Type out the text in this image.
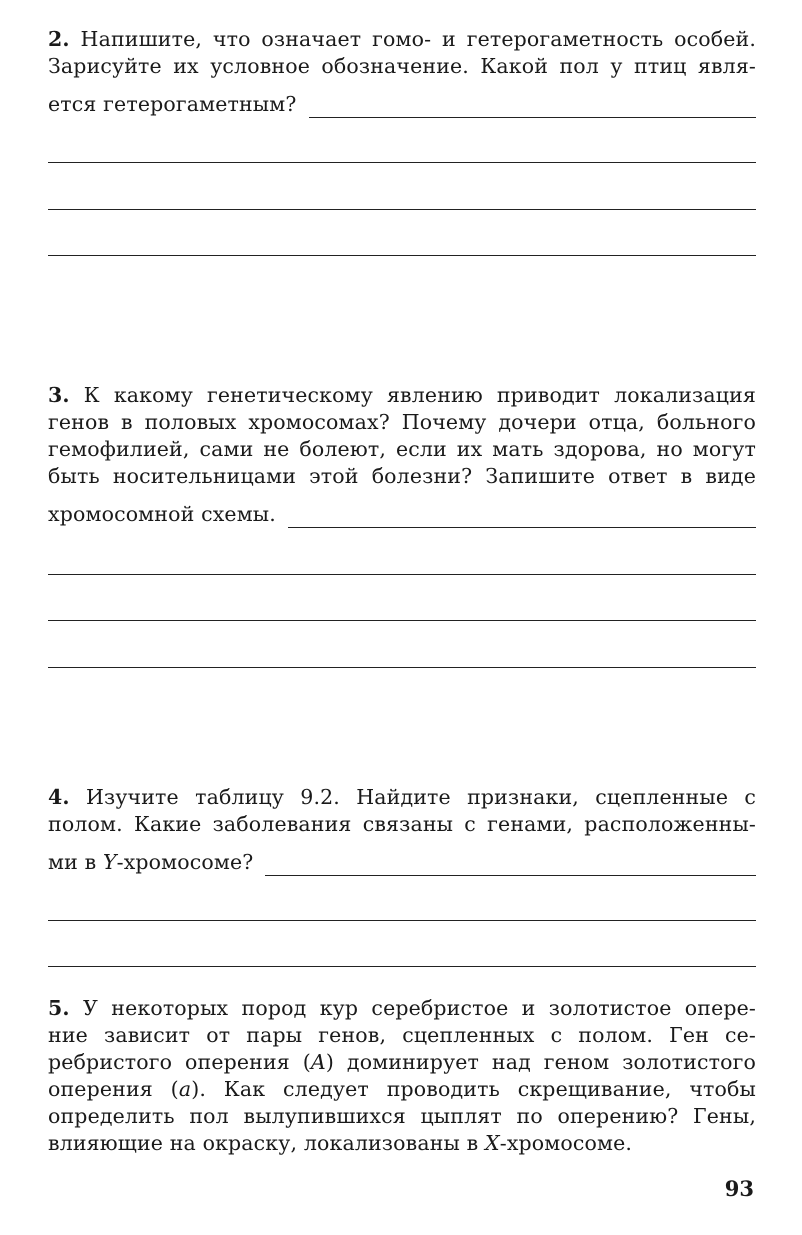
2. Напишите, что означает гомо- и гетерогаметность особей.
Зарисуйте их условное обозначение. Какой пол у птиц явля-

ется гетерогаметным?

3. К какому генетическому явлению приводит локализация
генов в половых хромосомах? Почему дочери отца, больного
гемофилией, сами не болеют, если их мать здорова, но могут
быть носительницами этой болезни? Запишите ответ в виде

хромосомной схемы.

4. Изучите таблицу 9.2. Найдите признаки, сцепленные с
полом. Какие заболевания связаны с генами, расположенны-

ми в Y-хромосоме?

5. У некоторых пород кур серебристое и золотистое опере-
ние зависит от пары генов, сцепленных с полом. Ген се-
ребристого оперения (A) доминирует над геном золотистого
оперения (a). Как следует проводить скрещивание, чтобы
определить пол вылупившихся цыплят по оперению? Гены,
влияющие на окраску, локализованы в X-хромосоме.

93
